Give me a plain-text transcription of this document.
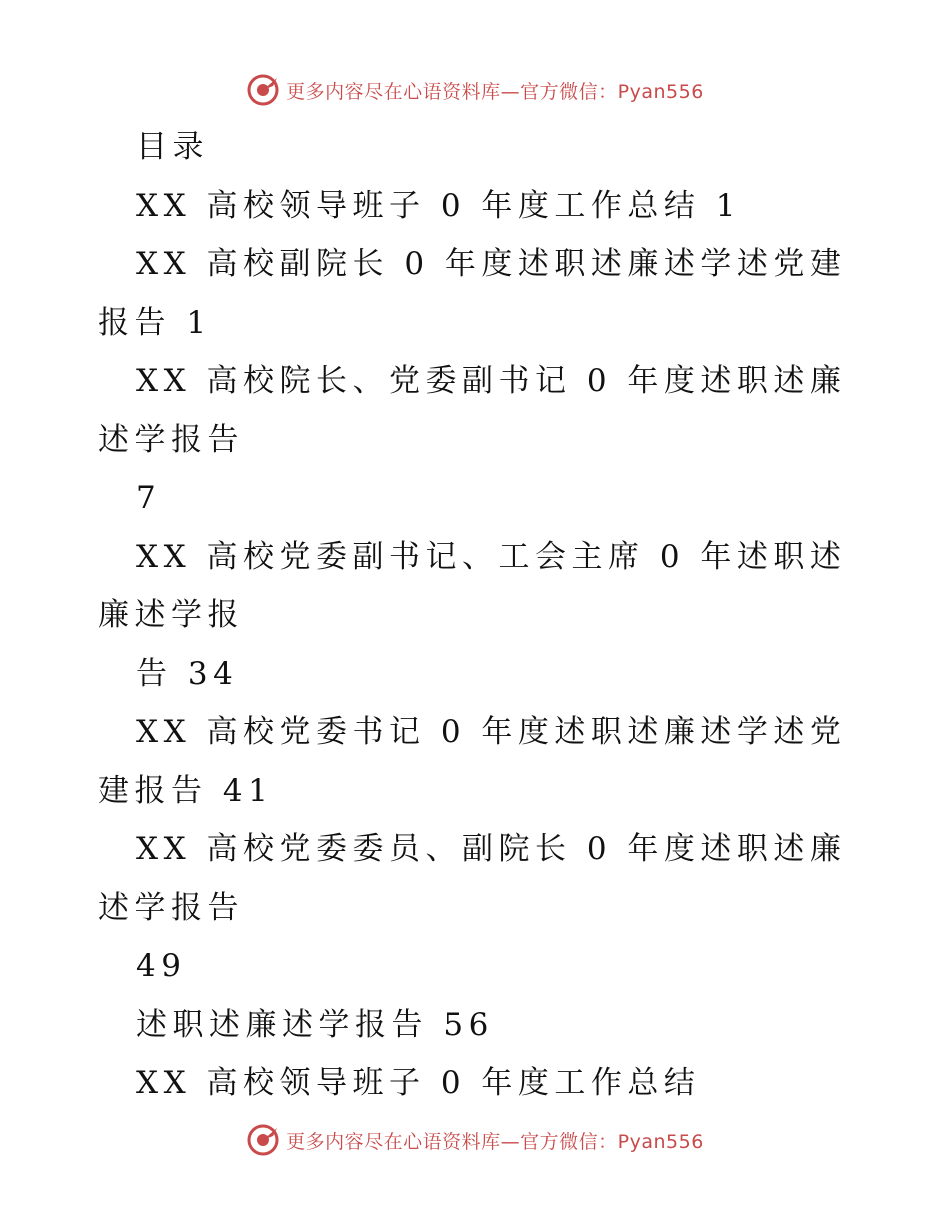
更多内容尽在心语资料库—官方微信：Pyan556

目录

XX 高校领导班子 0 年度工作总结 1

XX 高校副院长 0 年度述职述廉述学述党建报告 1

XX 高校院长、党委副书记 0 年度述职述廉述学报告

7

XX 高校党委副书记、工会主席 0 年述职述廉述学报

告 34

XX 高校党委书记 0 年度述职述廉述学述党建报告 41

XX 高校党委委员、副院长 0 年度述职述廉述学报告

49

述职述廉述学报告 56

XX 高校领导班子 0 年度工作总结

更多内容尽在心语资料库—官方微信：Pyan556
